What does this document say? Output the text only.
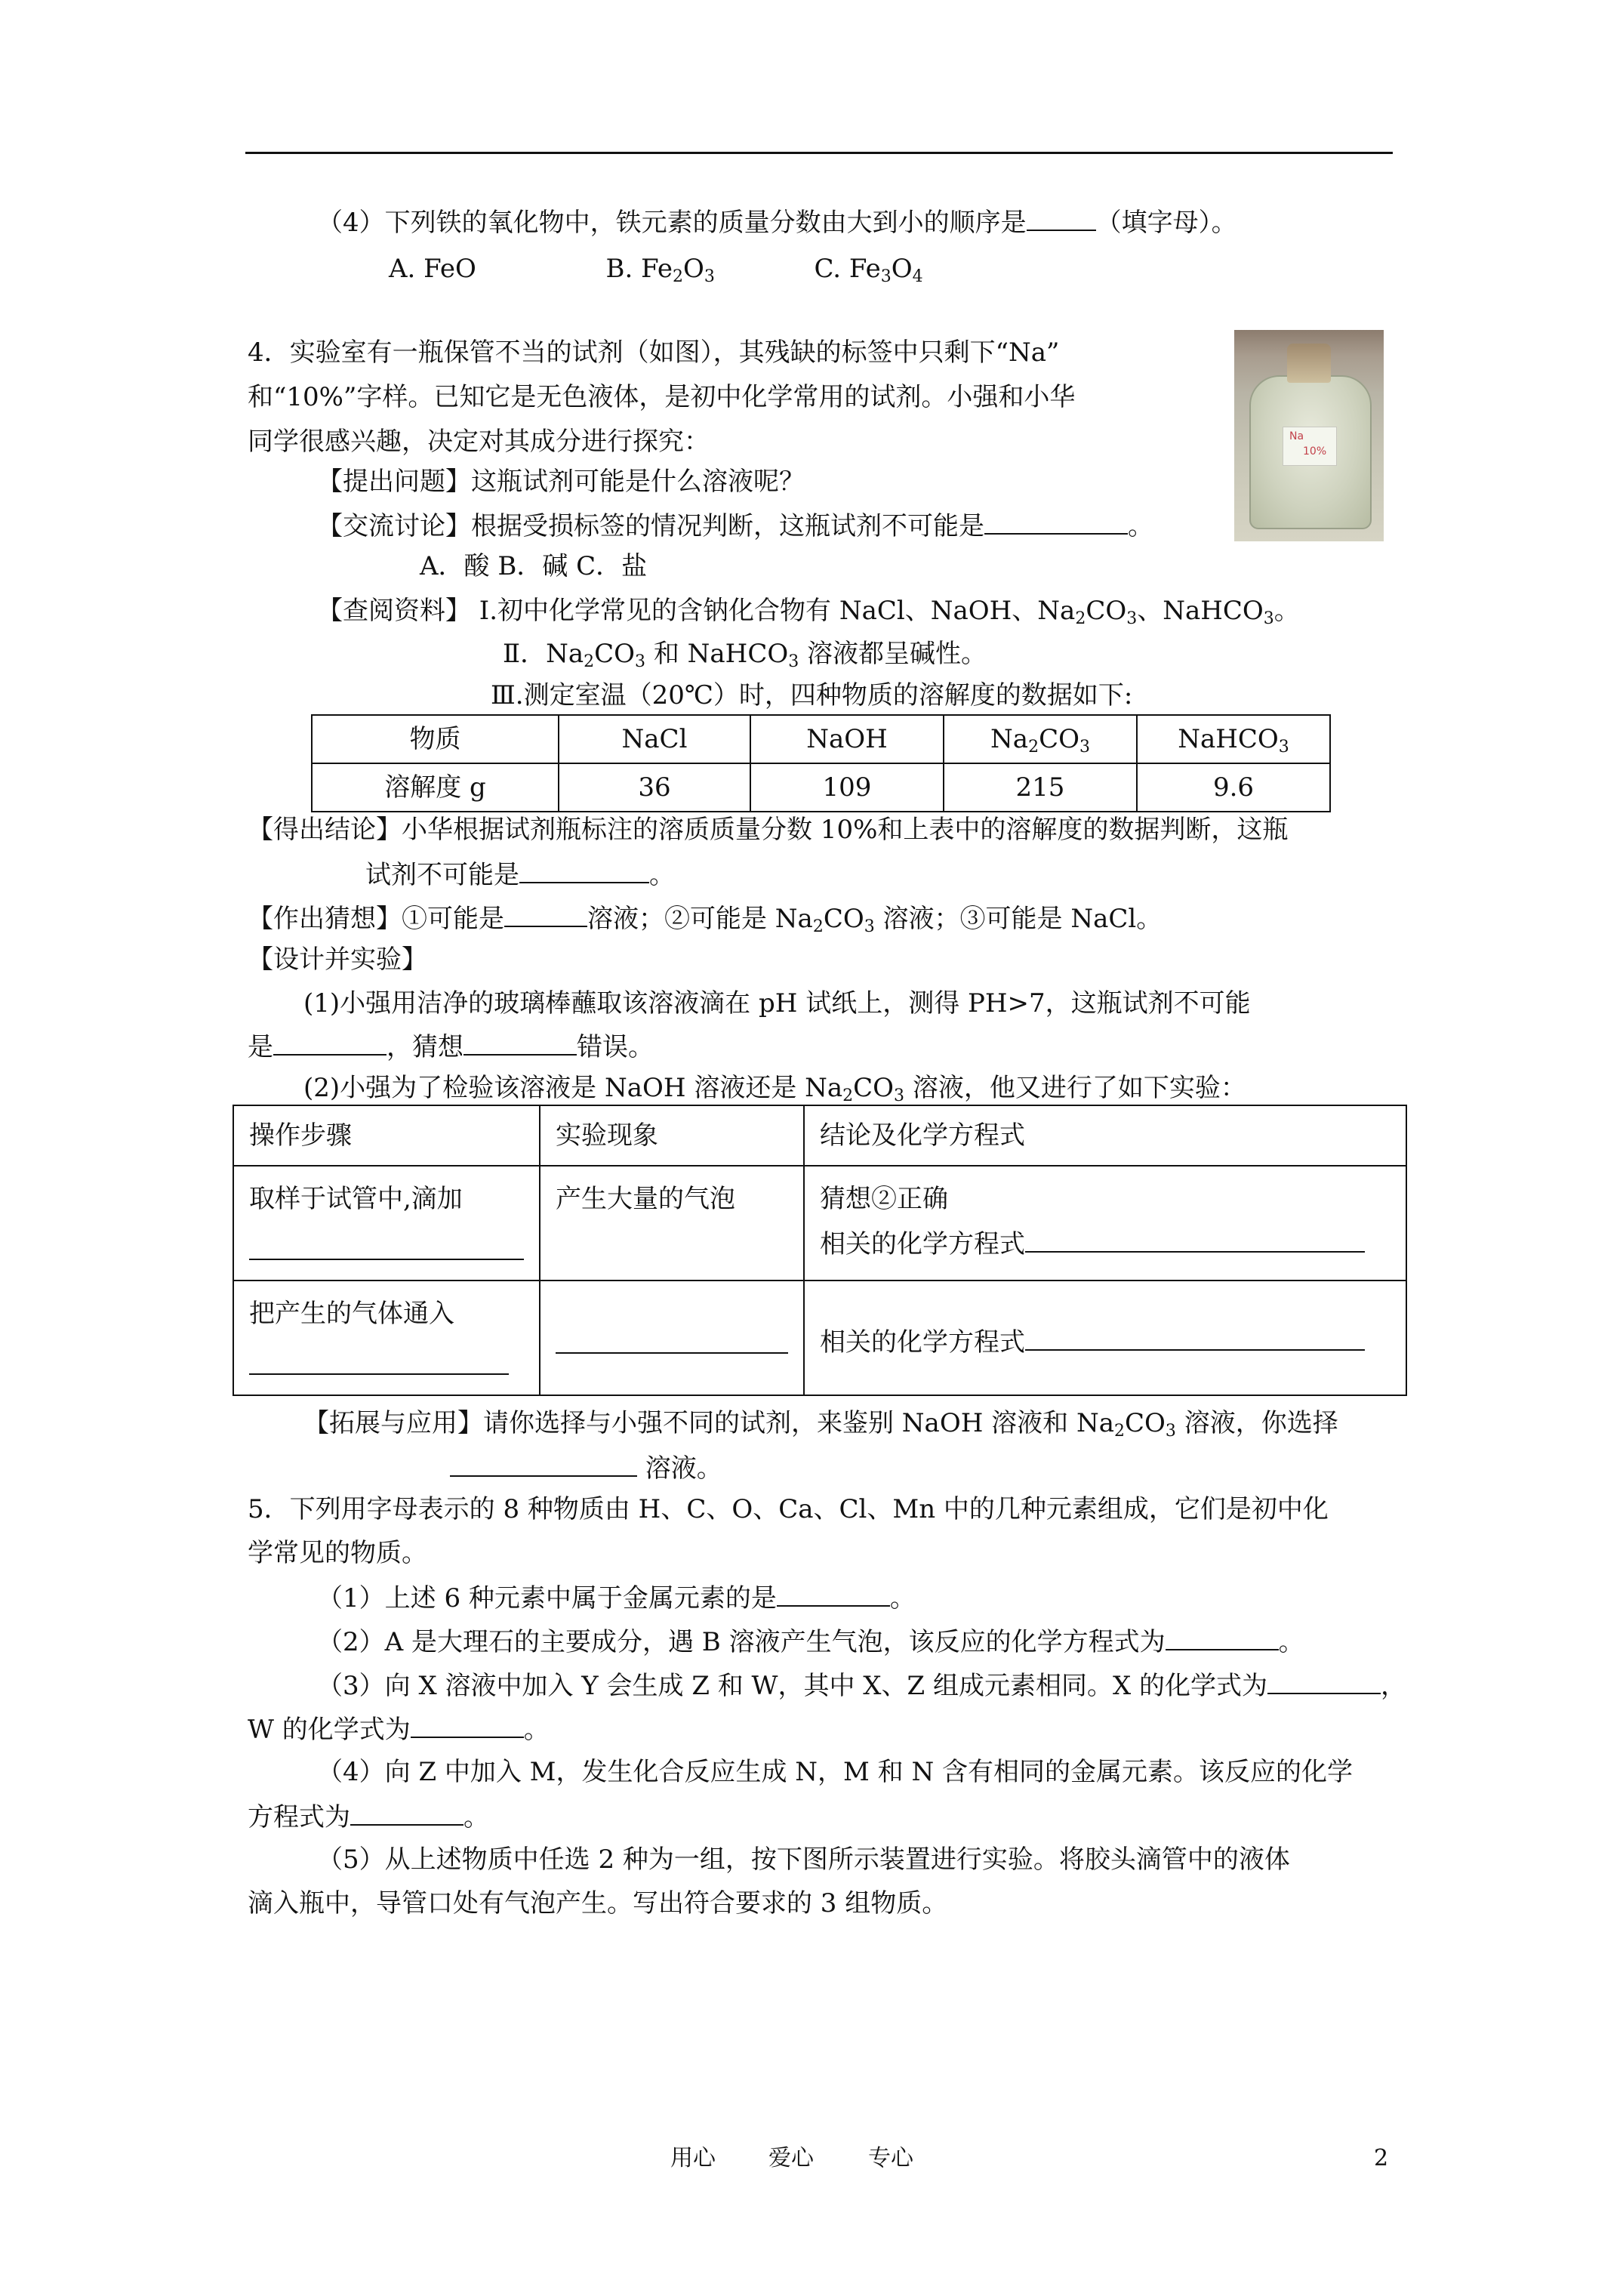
（4）下列铁的氧化物中，铁元素的质量分数由大到小的顺序是	（填字母）。
A. FeO	B. $Fe_2O_3$	C. $Fe_3O_4$
4．实验室有一瓶保管不当的试剂（如图），其残缺的标签中只剩下“Na”
和“10%”字样。已知它是无色液体，是初中化学常用的试剂。小强和小华
同学很感兴趣，决定对其成分进行探究：	Na
10%
【提出问题】这瓶试剂可能是什么溶液呢？
【交流讨论】根据受损标签的情况判断，这瓶试剂不可能是	。
A．酸 B．碱 C．盐
【查阅资料】 Ⅰ.初中化学常见的含钠化合物有 NaCl、NaOH、$Na_2CO_3$、NaHCO$_3$。
Ⅱ．$Na_2CO_3$ 和 NaHCO$_3$ 溶液都呈碱性。
Ⅲ.测定室温（20℃）时，四种物质的溶解度的数据如下:
物质	NaCl	NaOH	$Na_2CO_3$	NaHCO$_3$
溶解度 g	36	109	215	9.6
【得出结论】小华根据试剂瓶标注的溶质质量分数 10%和上表中的溶解度的数据判断，这瓶
试剂不可能是	。
【作出猜想】①可能是	溶液；②可能是 $Na_2CO_3$ 溶液；③可能是 NaCl。
【设计并实验】
(1)小强用洁净的玻璃棒蘸取该溶液滴在 pH 试纸上，测得 PH>7，这瓶试剂不可能
是	，猜想	错误。
(2)小强为了检验该溶液是 NaOH 溶液还是 $Na_2CO_3$ 溶液，他又进行了如下实验：
操作步骤	实验现象	结论及化学方程式

取样于试管中,滴加	产生大量的气泡	猜想②正确
相关的化学方程式

把产生的气体通入		相关的化学方程式
【拓展与应用】请你选择与小强不同的试剂，来鉴别 NaOH 溶液和 $Na_2CO_3$ 溶液，你选择
溶液。
5．下列用字母表示的 8 种物质由 H、C、O、Ca、Cl、Mn 中的几种元素组成，它们是初中化
学常见的物质。
（1）上述 6 种元素中属于金属元素的是	。
（2）A 是大理石的主要成分，遇 B 溶液产生气泡，该反应的化学方程式为	。
（3）向 X 溶液中加入 Y 会生成 Z 和 W，其中 X、Z 组成元素相同。X 的化学式为	，
W 的化学式为	。
（4）向 Z 中加入 M，发生化合反应生成 N，M 和 N 含有相同的金属元素。该反应的化学
方程式为	。
（5）从上述物质中任选 2 种为一组，按下图所示装置进行实验。将胶头滴管中的液体
滴入瓶中，导管口处有气泡产生。写出符合要求的 3 组物质。
用心 爱心 专心	2
